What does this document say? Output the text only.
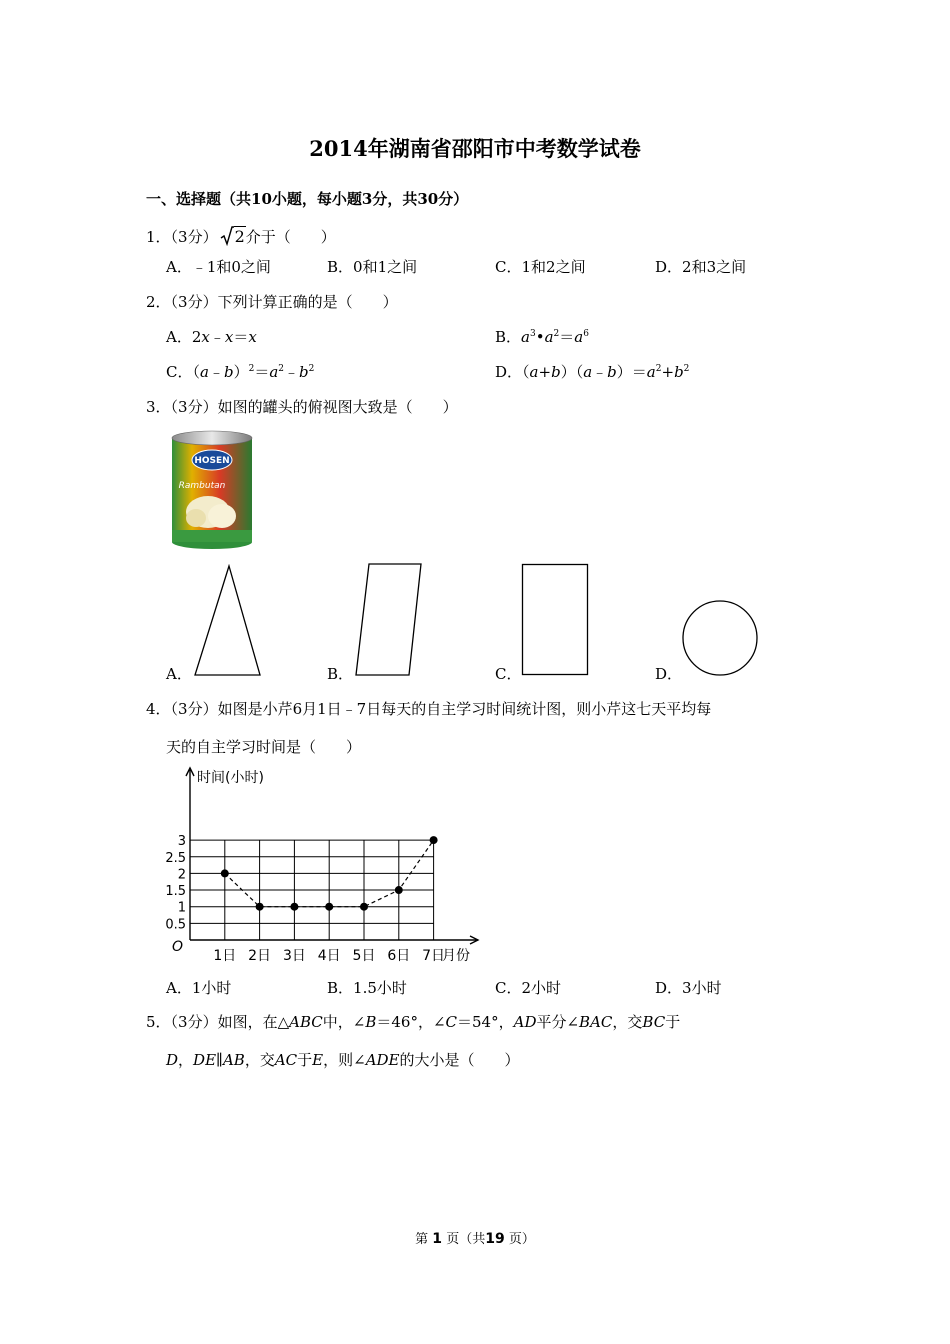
2014年湖南省邵阳市中考数学试卷
一、选择题（共10小题，每小题3分，共30分）
1．（3分） 2介于（　　）
A．﹣1和0之间	B．0和1之间	C．1和2之间	D．2和3之间
2．（3分）下列计算正确的是（　　）
A．2x﹣x＝x	B．$a^3•a^2=a^6$
C．$(a﹣b)^2=a^2﹣b^2$	D．$(a+b)(a﹣b)=a^2+b^2$
3．（3分）如图的罐头的俯视图大致是（　　）
HOSEN
Rambutan
A．	B．	C．	D．
4．（3分）如图是小芹6月1日﹣7日每天的自主学习时间统计图，则小芹这七天平均每
天的自主学习时间是（　　）
时间(小时)
月份
O
0.5
1
1.5
2
2.5
3
1日 2日 3日 4日 5日 6日 7日
A．1小时	B．1.5小时	C．2小时	D．3小时
5．（3分）如图，在△ABC中，∠B＝46°，∠C＝54°，AD平分∠BAC，交BC于
D，DE∥AB，交AC于E，则∠ADE的大小是（　　）
第 1 页（共19 页）
